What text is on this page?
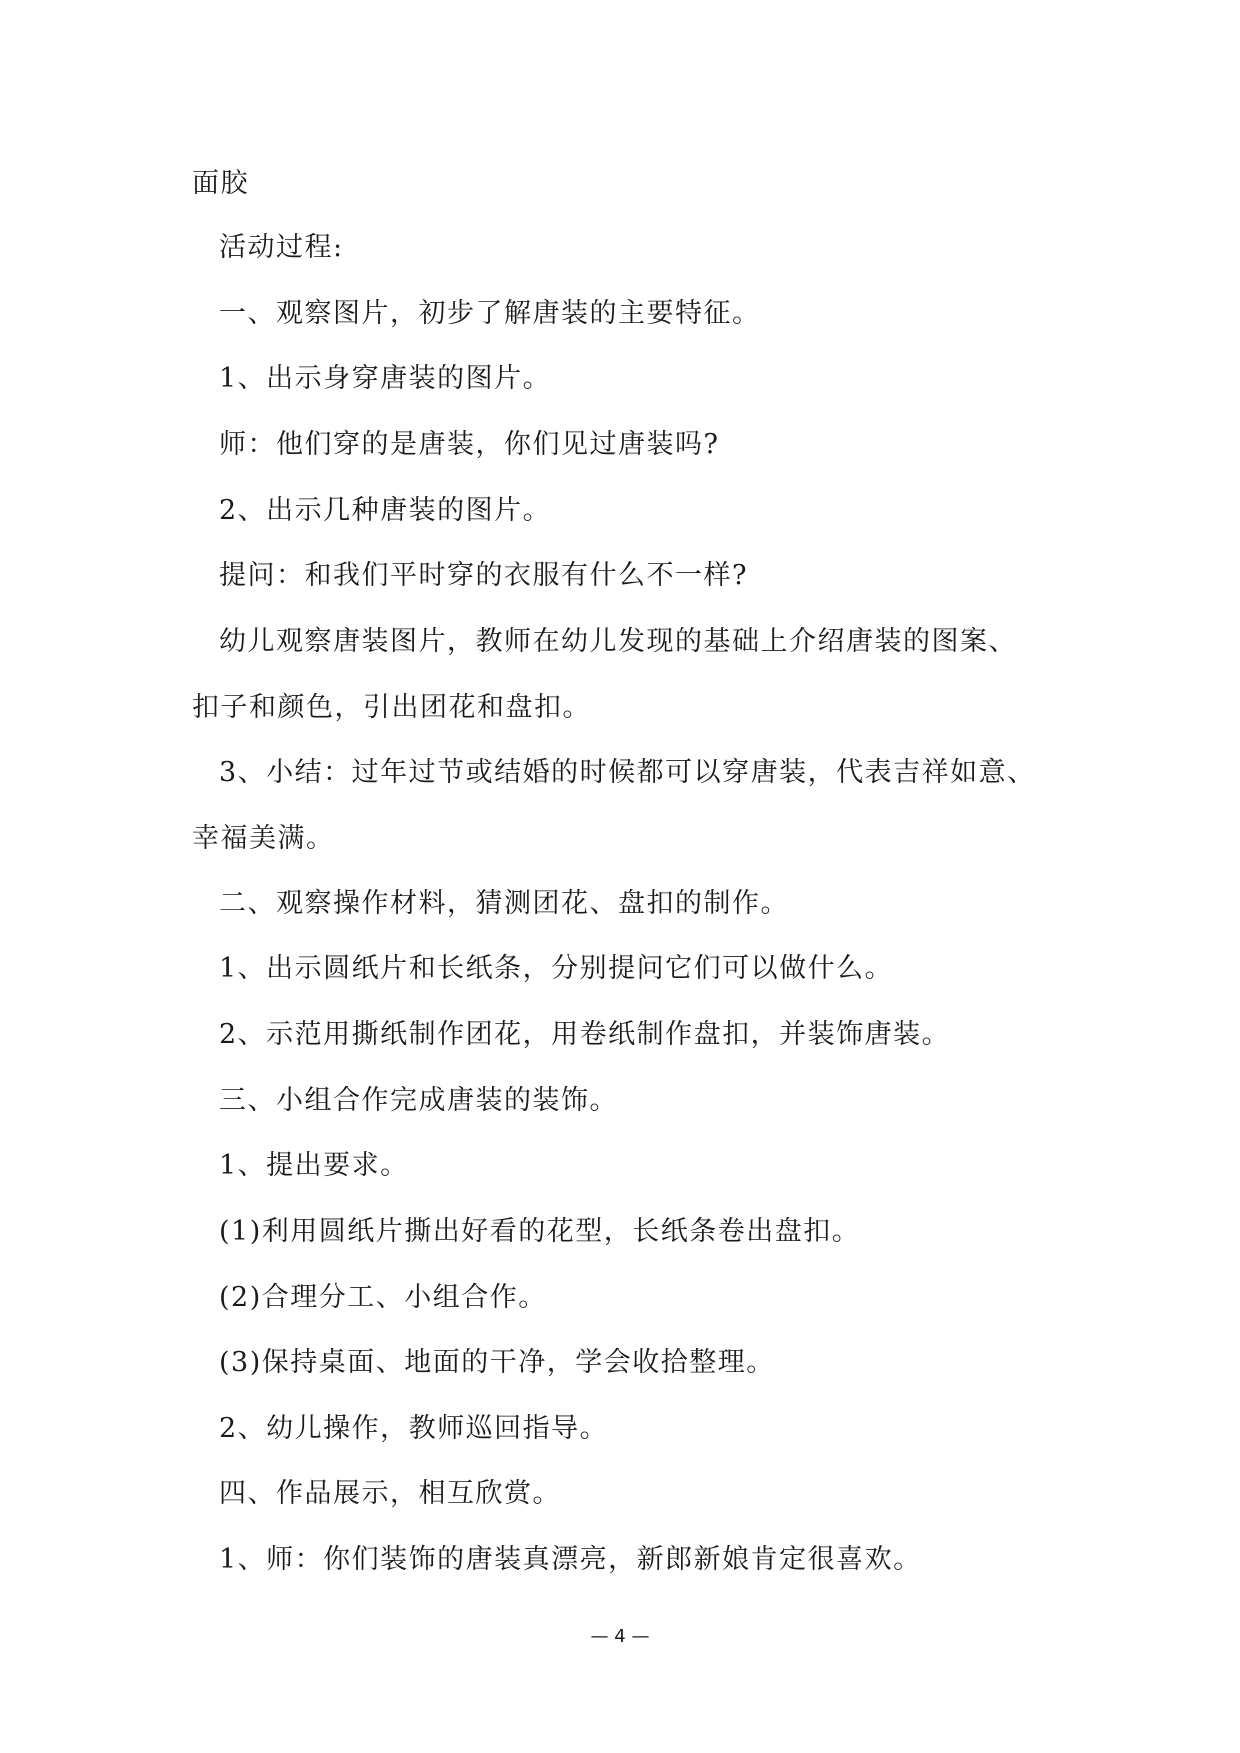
面胶
活动过程:
一、观察图片，初步了解唐装的主要特征。
1、出示身穿唐装的图片。
师：他们穿的是唐装，你们见过唐装吗?
2、出示几种唐装的图片。
提问：和我们平时穿的衣服有什么不一样?
幼儿观察唐装图片，教师在幼儿发现的基础上介绍唐装的图案、
扣子和颜色，引出团花和盘扣。
3、小结：过年过节或结婚的时候都可以穿唐装，代表吉祥如意、
幸福美满。
二、观察操作材料，猜测团花、盘扣的制作。
1、出示圆纸片和长纸条，分别提问它们可以做什么。
2、示范用撕纸制作团花，用卷纸制作盘扣，并装饰唐装。
三、小组合作完成唐装的装饰。
1、提出要求。
(1)利用圆纸片撕出好看的花型，长纸条卷出盘扣。
(2)合理分工、小组合作。
(3)保持桌面、地面的干净，学会收拾整理。
2、幼儿操作，教师巡回指导。
四、作品展示，相互欣赏。
1、师：你们装饰的唐装真漂亮，新郎新娘肯定很喜欢。
— 4 —
